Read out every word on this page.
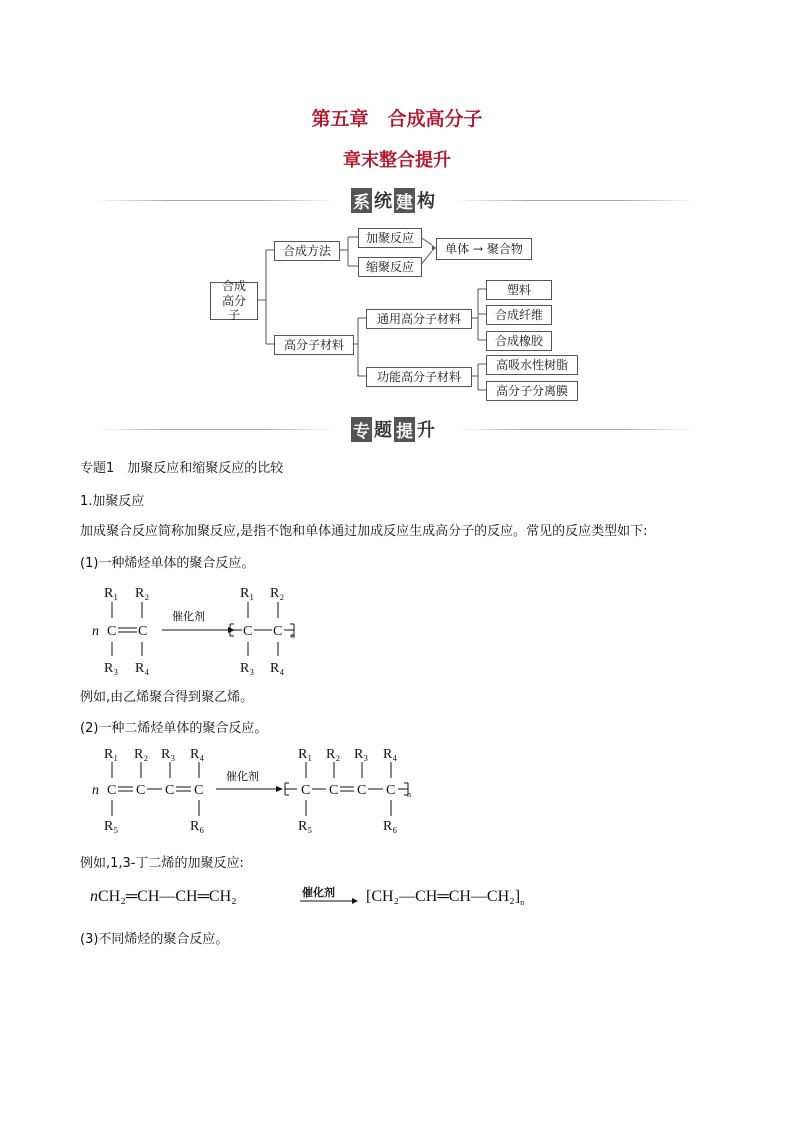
第五章　合成高分子
章末整合提升
系 统 建 构
合成高分子
合成方法
加聚反应
缩聚反应
单体 → 聚合物
高分子材料
通用高分子材料
功能高分子材料
塑料
合成纤维
合成橡胶
高吸水性树脂
高分子分离膜
专 题 提 升
专题1　加聚反应和缩聚反应的比较
1.加聚反应
加成聚合反应简称加聚反应,是指不饱和单体通过加成反应生成高分子的反应。常见的反应类型如下:
(1)一种烯烃单体的聚合反应。
R₁ R₂
n C C
R₃ R₄
R₁ R₂
C C
R₃ R₄
n
催化剂
例如,由乙烯聚合得到聚乙烯。
(2)一种二烯烃单体的聚合反应。
R₁ R₂ R₃ R₄
n C C C C
R₅	R₆
R₁ R₂ R₃ R₄
C C C C
R₅	R₆
n
催化剂
例如,1,3-丁二烯的加聚反应:
nCH₂═CH—CH═CH₂	催化剂 → $[CH_2—CH═CH—CH_2]_n$
(3)不同烯烃的聚合反应。
